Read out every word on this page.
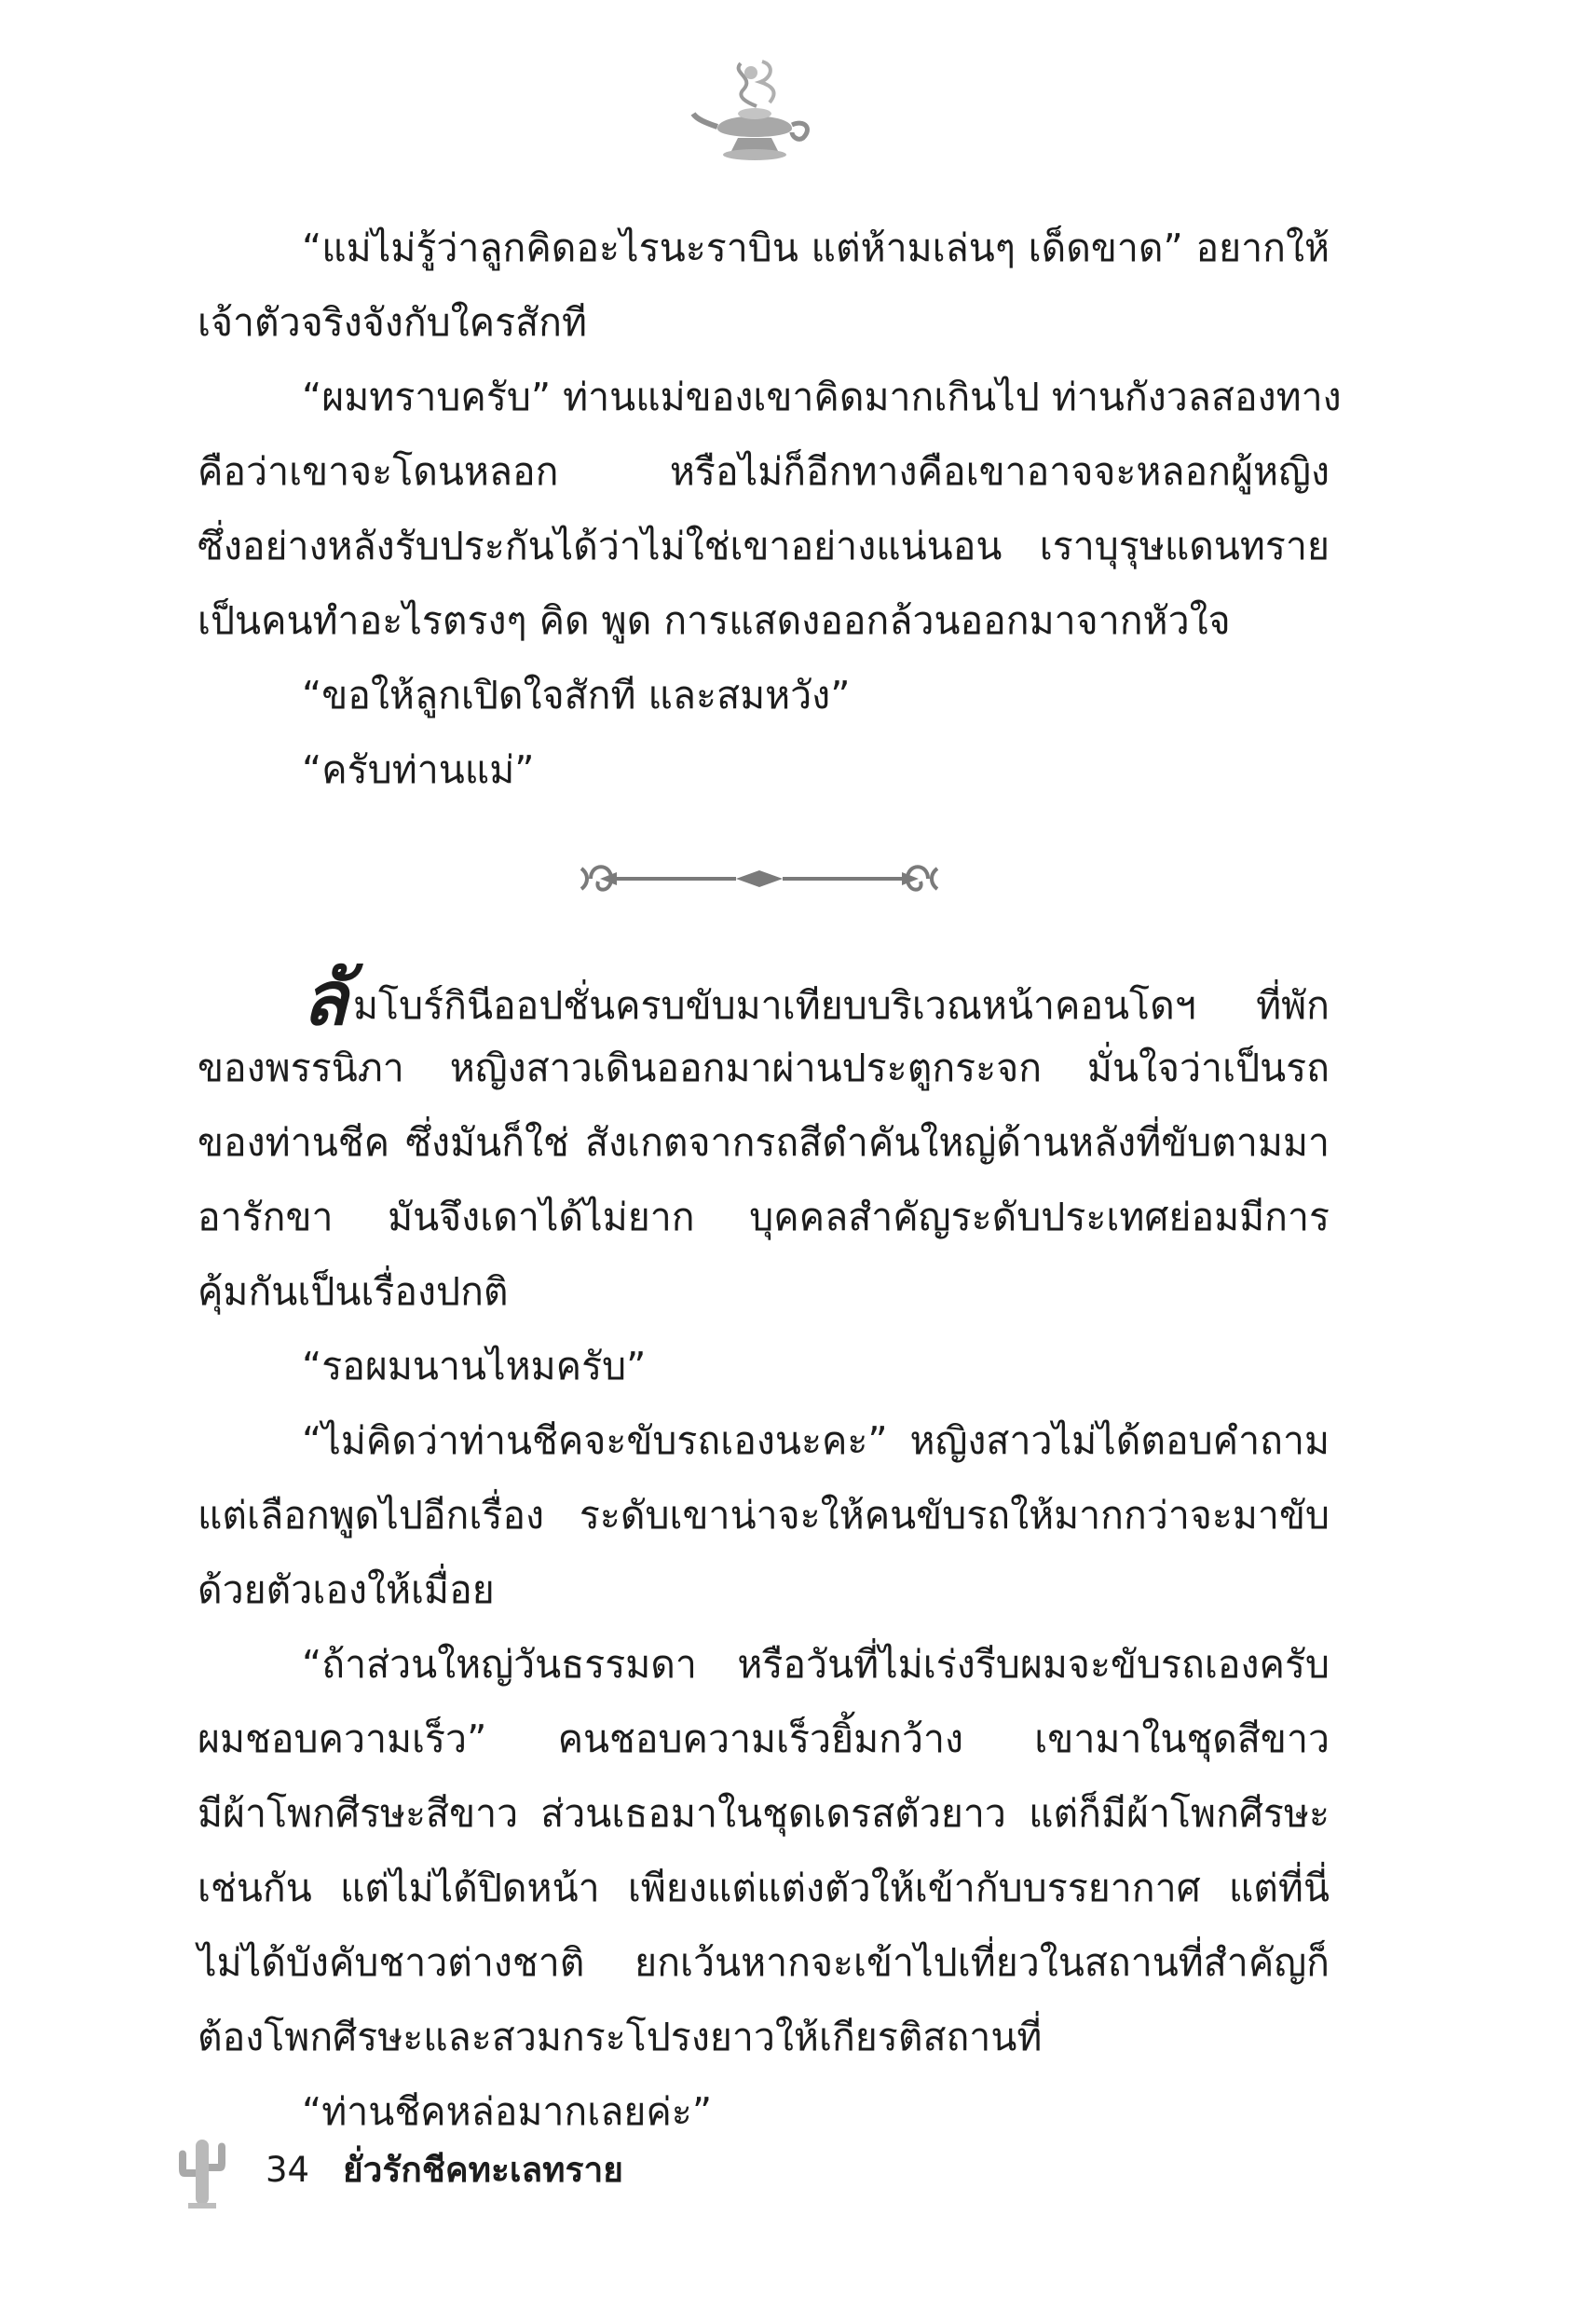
“แม่ไม่รู้ว่าลูกคิดอะไรนะราบิน แต่ห้ามเล่นๆ เด็ดขาด” อยากให้
เจ้าตัวจริงจังกับใครสักที
“ผมทราบครับ” ท่านแม่ของเขาคิดมากเกินไป ท่านกังวลสองทาง
คือว่าเขาจะโดนหลอก หรือไม่ก็อีกทางคือเขาอาจจะหลอกผู้หญิง
ซึ่งอย่างหลังรับประกันได้ว่าไม่ใช่เขาอย่างแน่นอน เราบุรุษแดนทราย
เป็นคนทำอะไรตรงๆ คิด พูด การแสดงออกล้วนออกมาจากหัวใจ
“ขอให้ลูกเปิดใจสักที และสมหวัง”
“ครับท่านแม่”
ลัมโบร์กินีออปชั่นครบขับมาเทียบบริเวณหน้าคอนโดฯ ที่พัก
ของพรรนิภา หญิงสาวเดินออกมาผ่านประตูกระจก มั่นใจว่าเป็นรถ
ของท่านชีค ซึ่งมันก็ใช่ สังเกตจากรถสีดำคันใหญ่ด้านหลังที่ขับตามมา
อารักขา มันจึงเดาได้ไม่ยาก บุคคลสำคัญระดับประเทศย่อมมีการ
คุ้มกันเป็นเรื่องปกติ
“รอผมนานไหมครับ”
“ไม่คิดว่าท่านชีคจะขับรถเองนะคะ” หญิงสาวไม่ได้ตอบคำถาม
แต่เลือกพูดไปอีกเรื่อง ระดับเขาน่าจะให้คนขับรถให้มากกว่าจะมาขับ
ด้วยตัวเองให้เมื่อย
“ถ้าส่วนใหญ่วันธรรมดา หรือวันที่ไม่เร่งรีบผมจะขับรถเองครับ
ผมชอบความเร็ว” คนชอบความเร็วยิ้มกว้าง เขามาในชุดสีขาว
มีผ้าโพกศีรษะสีขาว ส่วนเธอมาในชุดเดรสตัวยาว แต่ก็มีผ้าโพกศีรษะ
เช่นกัน แต่ไม่ได้ปิดหน้า เพียงแต่แต่งตัวให้เข้ากับบรรยากาศ แต่ที่นี่
ไม่ได้บังคับชาวต่างชาติ ยกเว้นหากจะเข้าไปเที่ยวในสถานที่สำคัญก็
ต้องโพกศีรษะและสวมกระโปรงยาวให้เกียรติสถานที่
“ท่านชีคหล่อมากเลยค่ะ”
34 ยั่วรักชีคทะเลทราย
